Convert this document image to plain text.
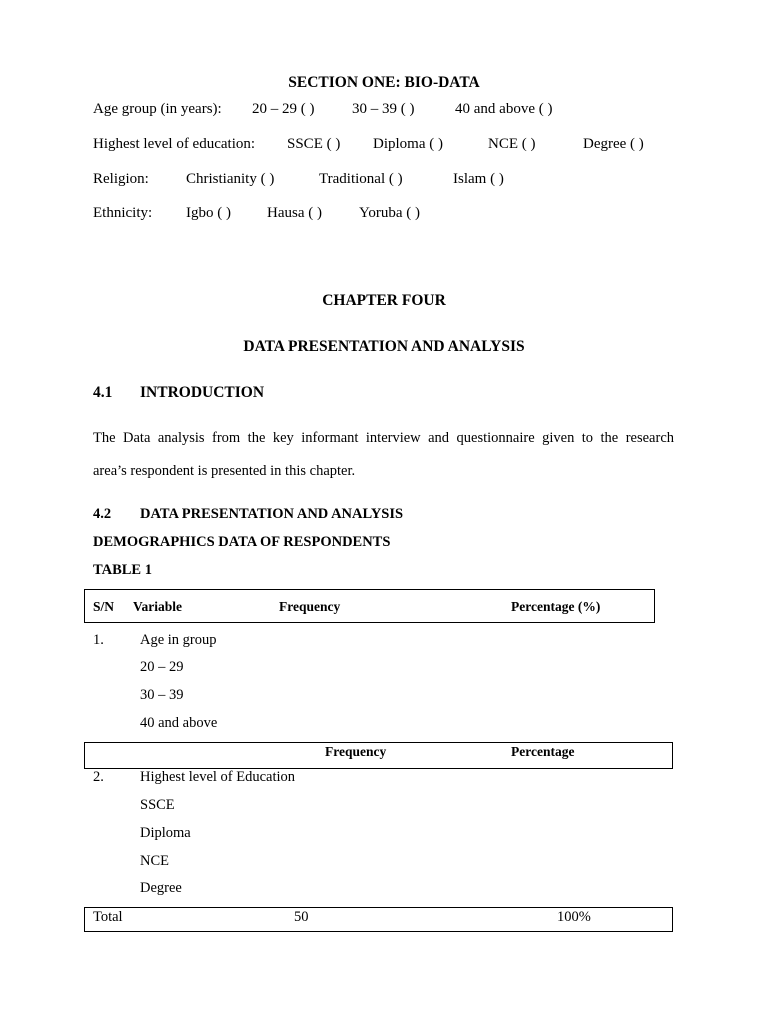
SECTION ONE: BIO-DATA
Age group (in years): 20 – 29 ( )	30 – 39 ( )	40 and above ( )
Highest level of education: SSCE ( ) Diploma ( )	NCE ( )	Degree ( )
Religion: Christianity ( )	Traditional ( )	Islam ( )
Ethnicity: Igbo ( ) Hausa ( ) Yoruba ( )
CHAPTER FOUR
DATA PRESENTATION AND ANALYSIS
4.1 INTRODUCTION
The Data analysis from the key informant interview and questionnaire given to the research
area’s respondent is presented in this chapter.
4.2 DATA PRESENTATION AND ANALYSIS
DEMOGRAPHICS DATA OF RESPONDENTS
TABLE 1
S/N Variable	Frequency	Percentage (%)
1. Age in group
20 – 29
30 – 39
40 and above
Frequency	Percentage
2. Highest level of Education
SSCE
Diploma
NCE
Degree
Total	50	100%
